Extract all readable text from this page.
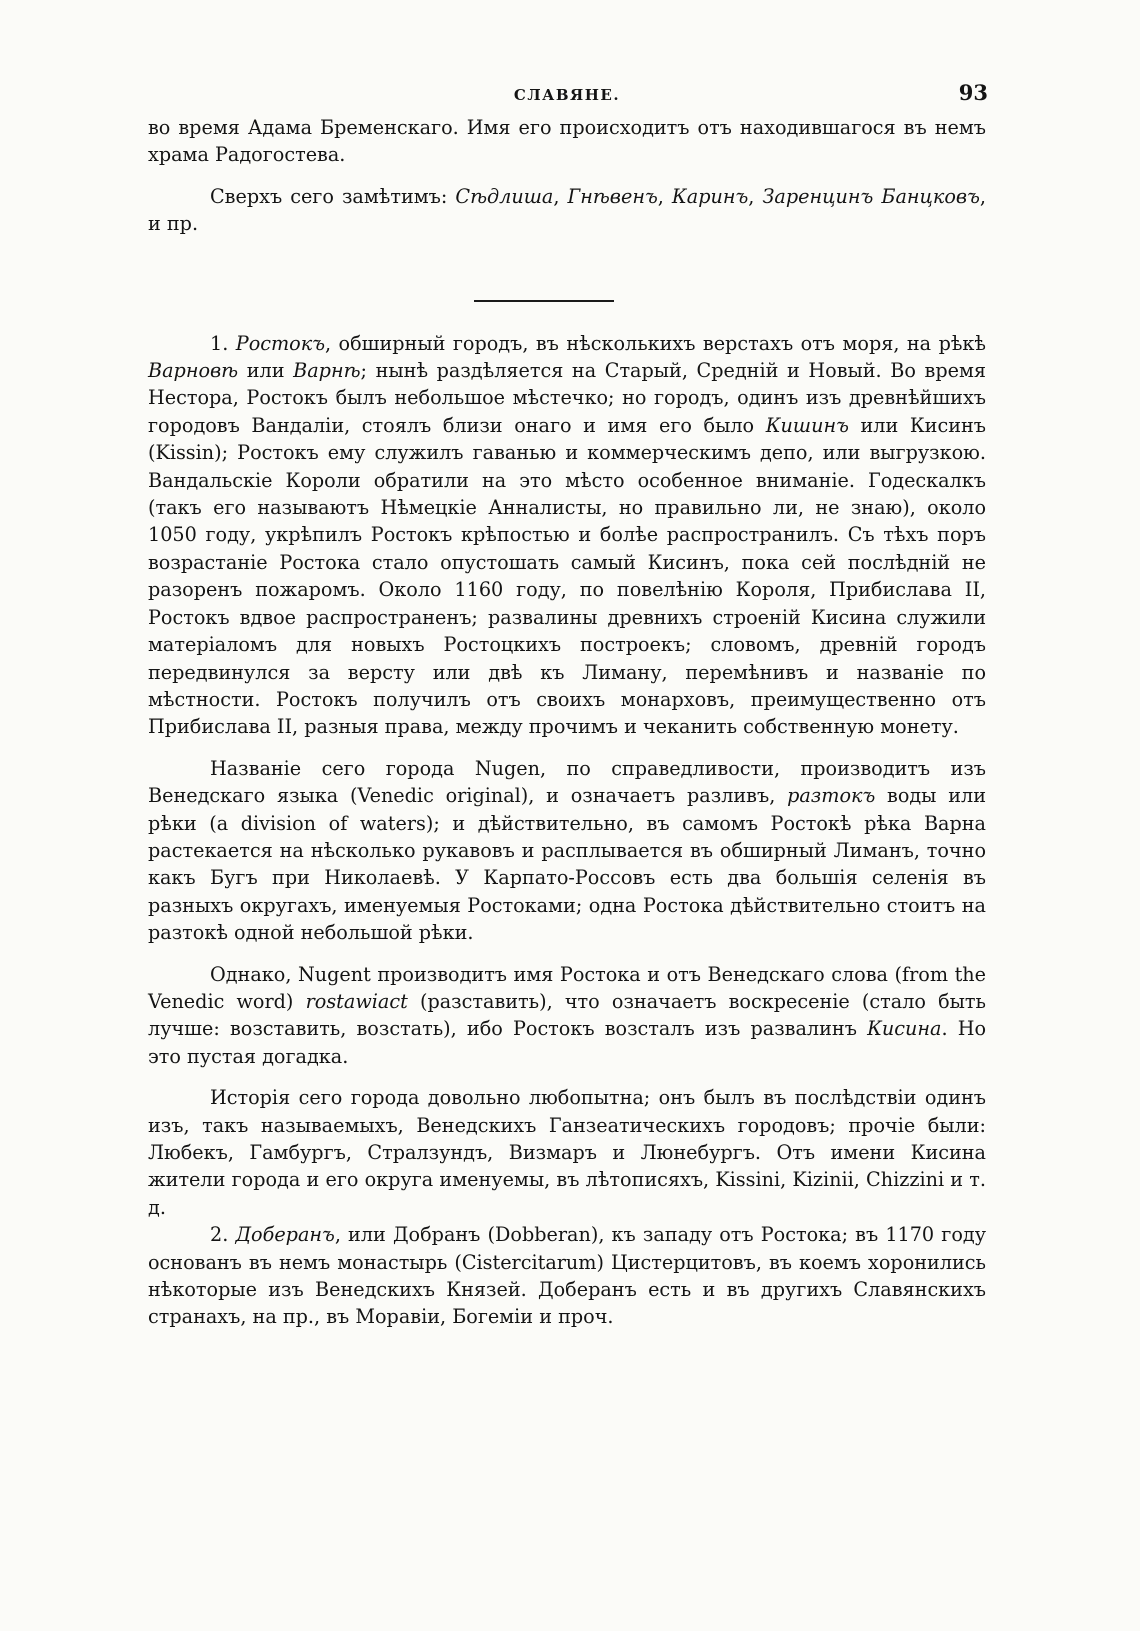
СЛАВЯНЕ.	93

во время Адама Бременскаго. Имя его происходитъ отъ находившагося въ немъ храма Радогостева.

Сверхъ сего замѣтимъ: Сѣдлиша, Гнѣвенъ, Каринъ, Заренцинъ Банцковъ, и пр.

1. Ростокъ, обширный городъ, въ нѣсколькихъ верстахъ отъ моря, на рѣкѣ Варновѣ или Варнѣ; нынѣ раздѣляется на Старый, Средній и Новый. Во время Нестора, Ростокъ былъ небольшое мѣстечко; но городъ, одинъ изъ древнѣйшихъ городовъ Вандаліи, стоялъ близи онаго и имя его было Кишинъ или Кисинъ (Kissin); Ростокъ ему служилъ гаванью и коммерческимъ депо, или выгрузкою. Вандальскіе Короли обратили на это мѣсто особенное вниманіе. Годескалкъ (такъ его называютъ Нѣмецкіе Анналисты, но правильно ли, не знаю), около 1050 году, укрѣпилъ Ростокъ крѣпостью и болѣе распространилъ. Съ тѣхъ поръ возрастаніе Ростока стало опустошать самый Кисинъ, пока сей послѣдній не разоренъ пожаромъ. Около 1160 году, по повелѣнію Короля, Прибислава II, Ростокъ вдвое распространенъ; развалины древнихъ строеній Кисина служили матеріаломъ для новыхъ Ростоцкихъ построекъ; словомъ, древній городъ передвинулся за версту или двѣ къ Лиману, перемѣнивъ и названіе по мѣстности. Ростокъ получилъ отъ своихъ монарховъ, преимущественно отъ Прибислава II, разныя права, между прочимъ и чеканить собственную монету.

Названіе сего города Nugen, по справедливости, производитъ изъ Венедскаго языка (Venedic original), и означаетъ разливъ, разтокъ воды или рѣки (a division of waters); и дѣйствительно, въ самомъ Ростокѣ рѣка Варна растекается на нѣсколько рукавовъ и расплывается въ обширный Лиманъ, точно какъ Бугъ при Николаевѣ. У Карпато-Россовъ есть два большія селенія въ разныхъ округахъ, именуемыя Ростоками; одна Ростока дѣйствительно стоитъ на разтокѣ одной небольшой рѣки.

Однако, Nugent производитъ имя Ростока и отъ Венедскаго слова (from the Venedic word) rostawiact (разставить), что означаетъ воскресеніе (стало быть лучше: возставить, возстать), ибо Ростокъ возсталъ изъ развалинъ Кисина. Но это пустая догадка.

Исторія сего города довольно любопытна; онъ былъ въ послѣдствіи одинъ изъ, такъ называемыхъ, Венедскихъ Ганзеатическихъ городовъ; прочіе были: Любекъ, Гамбургъ, Стралзундъ, Визмаръ и Люнебургъ. Отъ имени Кисина жители города и его округа именуемы, въ лѣтописяхъ, Kissini, Kizinii, Chizzini и т. д.

2. Доберанъ, или Добранъ (Dobberan), къ западу отъ Ростока; въ 1170 году основанъ въ немъ монастырь (Cistercitarum) Цистерцитовъ, въ коемъ хоронились нѣкоторые изъ Венедскихъ Князей. Доберанъ есть и въ другихъ Славянскихъ странахъ, на пр., въ Моравіи, Богеміи и проч.
